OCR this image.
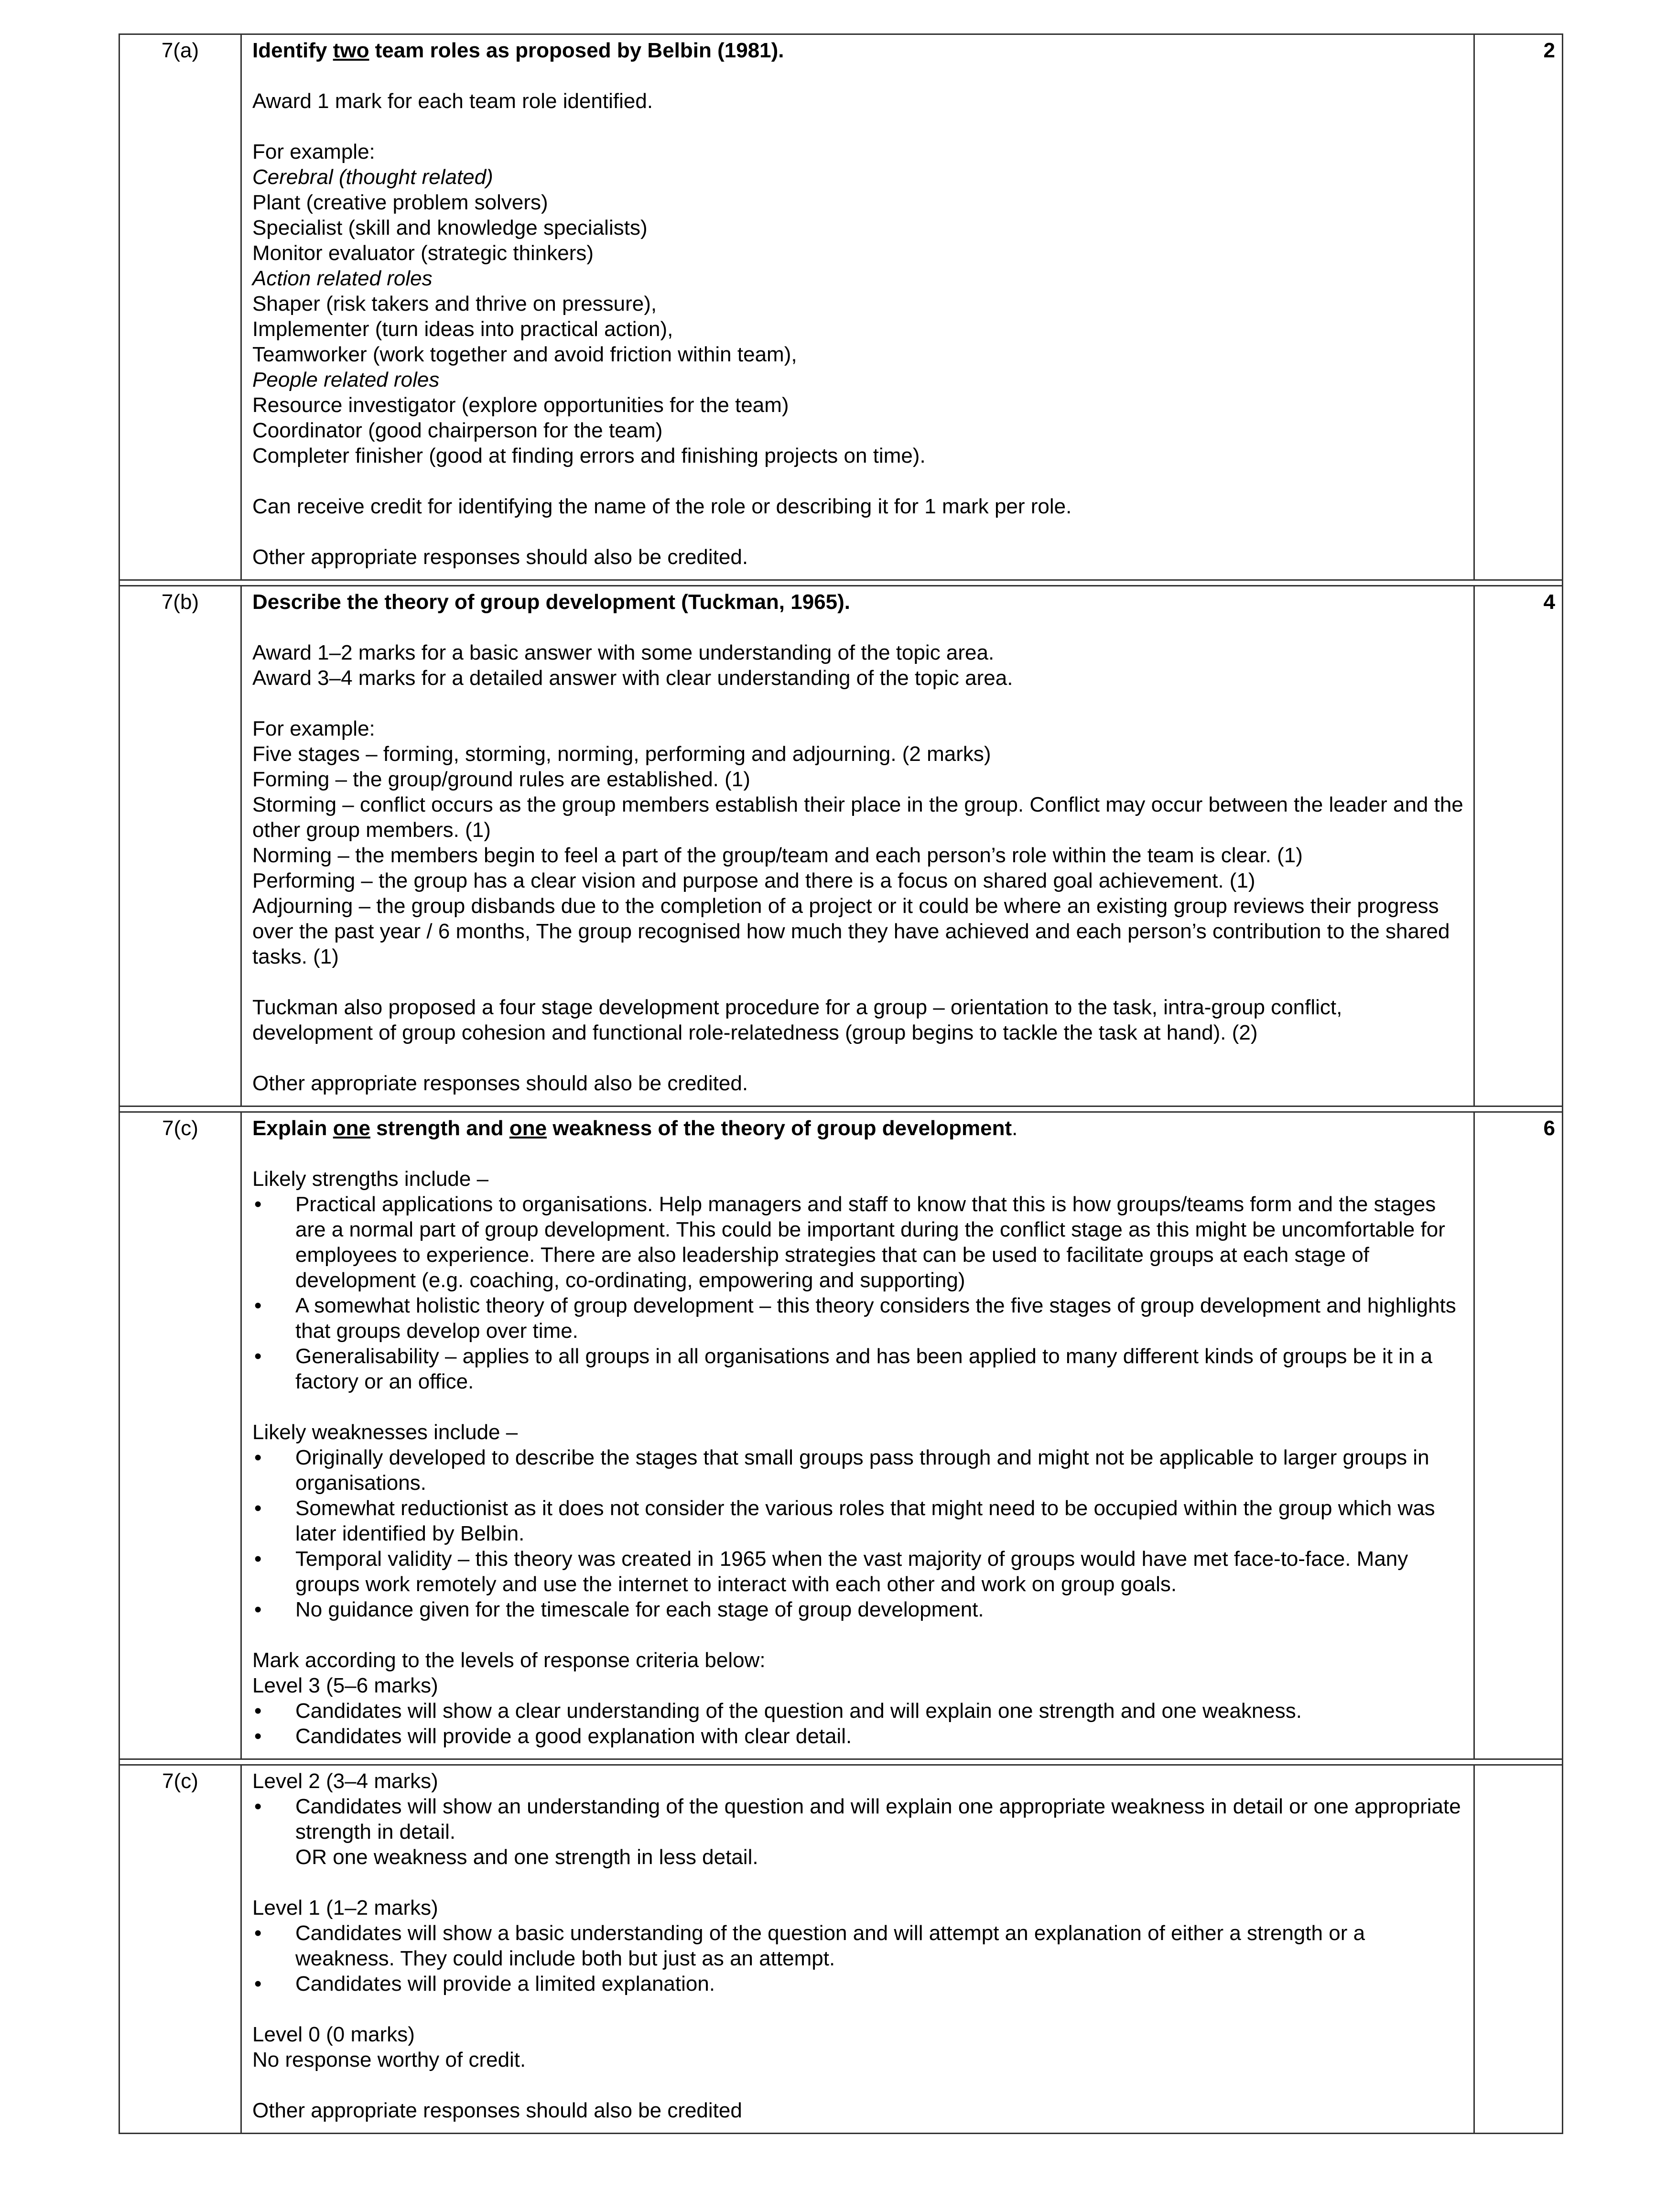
7(a)	Identify two team roles as proposed by Belbin (1981).

Award 1 mark for each team role identified.

For example:

Cerebral (thought related)

Plant (creative problem solvers)

Specialist (skill and knowledge specialists)

Monitor evaluator (strategic thinkers)

Action related roles

Shaper (risk takers and thrive on pressure),

Implementer (turn ideas into practical action),

Teamworker (work together and avoid friction within team),

People related roles

Resource investigator (explore opportunities for the team)

Coordinator (good chairperson for the team)

Completer finisher (good at finding errors and finishing projects on time).

Can receive credit for identifying the name of the role or describing it for 1 mark per role.

Other appropriate responses should also be credited.

2
7(b)	Describe the theory of group development (Tuckman, 1965).

Award 1–2 marks for a basic answer with some understanding of the topic area.

Award 3–4 marks for a detailed answer with clear understanding of the topic area.

For example:

Five stages – forming, storming, norming, performing and adjourning. (2 marks)

Forming – the group/ground rules are established. (1)

Storming – conflict occurs as the group members establish their place in the group. Conflict may occur between the leader and the other group members. (1)

Norming – the members begin to feel a part of the group/team and each person’s role within the team is clear. (1)

Performing – the group has a clear vision and purpose and there is a focus on shared goal achievement. (1)

Adjourning – the group disbands due to the completion of a project or it could be where an existing group reviews their progress over the past year / 6 months, The group recognised how much they have achieved and each person’s contribution to the shared tasks. (1)

Tuckman also proposed a four stage development procedure for a group – orientation to the task, intra-group conflict, development of group cohesion and functional role-relatedness (group begins to tackle the task at hand). (2)

Other appropriate responses should also be credited.

4
7(c)	Explain one strength and one weakness of the theory of group development.

Likely strengths include –

• Practical applications to organisations. Help managers and staff to know that this is how groups/teams form and the stages are a normal part of group development. This could be important during the conflict stage as this might be uncomfortable for employees to experience. There are also leadership strategies that can be used to facilitate groups at each stage of development (e.g. coaching, co-ordinating, empowering and supporting)
• A somewhat holistic theory of group development – this theory considers the five stages of group development and highlights that groups develop over time.
• Generalisability – applies to all groups in all organisations and has been applied to many different kinds of groups be it in a factory or an office.

Likely weaknesses include –

• Originally developed to describe the stages that small groups pass through and might not be applicable to larger groups in organisations.
• Somewhat reductionist as it does not consider the various roles that might need to be occupied within the group which was later identified by Belbin.
• Temporal validity – this theory was created in 1965 when the vast majority of groups would have met face-to-face. Many groups work remotely and use the internet to interact with each other and work on group goals.
• No guidance given for the timescale for each stage of group development.

Mark according to the levels of response criteria below:

Level 3 (5–6 marks)

• Candidates will show a clear understanding of the question and will explain one strength and one weakness.
• Candidates will provide a good explanation with clear detail.
6
7(c)	Level 2 (3–4 marks)

• Candidates will show an understanding of the question and will explain one appropriate weakness in detail or one appropriate strength in detail.
OR one weakness and one strength in less detail.

Level 1 (1–2 marks)

• Candidates will show a basic understanding of the question and will attempt an explanation of either a strength or a weakness. They could include both but just as an attempt.
• Candidates will provide a limited explanation.

Level 0 (0 marks)

No response worthy of credit.

Other appropriate responses should also be credited
